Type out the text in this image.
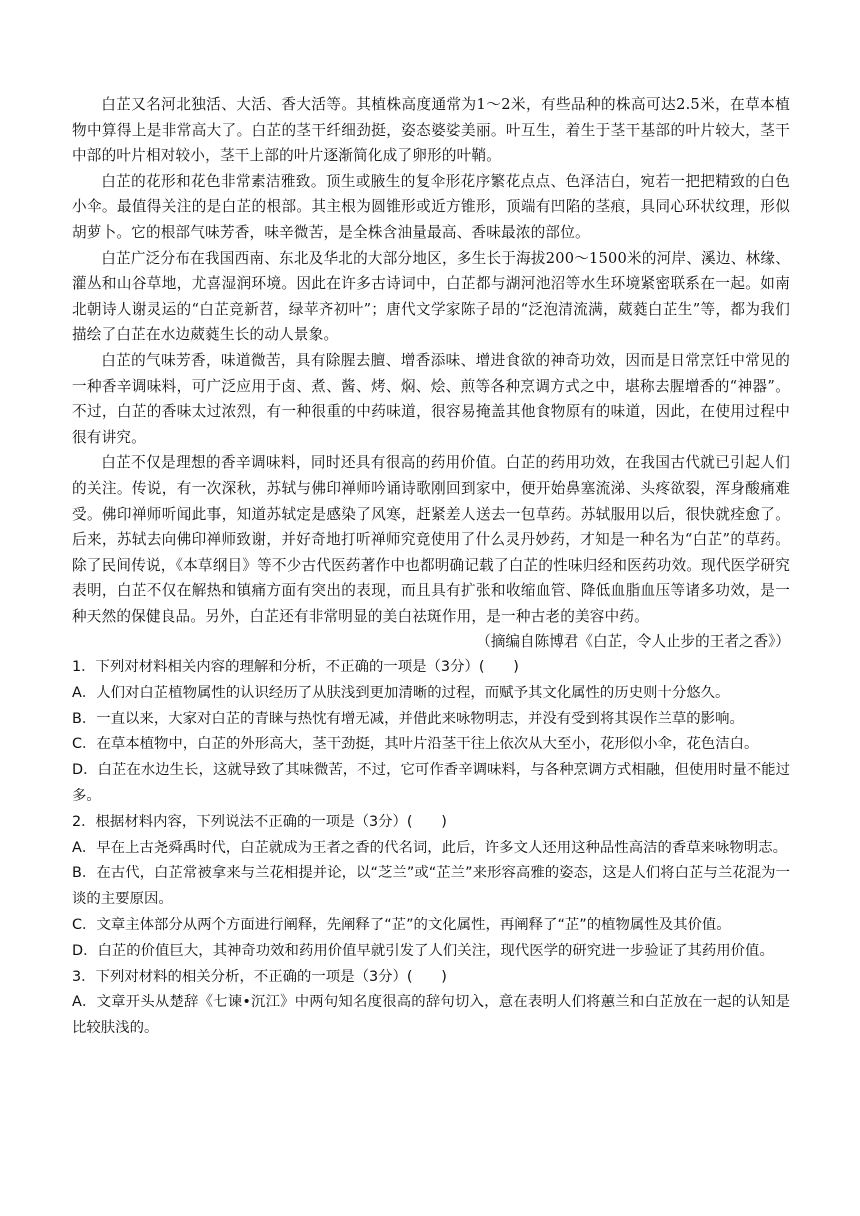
白芷又名河北独活、大活、香大活等。其植株高度通常为1～2米，有些品种的株高可达2.5米，在草本植物中算得上是非常高大了。白芷的茎干纤细劲挺，姿态婆娑美丽。叶互生，着生于茎干基部的叶片较大，茎干中部的叶片相对较小，茎干上部的叶片逐渐简化成了卵形的叶鞘。

白芷的花形和花色非常素洁雅致。顶生或腋生的复伞形花序繁花点点、色泽洁白，宛若一把把精致的白色小伞。最值得关注的是白芷的根部。其主根为圆锥形或近方锥形，顶端有凹陷的茎痕，具同心环状纹理，形似胡萝卜。它的根部气味芳香，味辛微苦，是全株含油量最高、香味最浓的部位。

白芷广泛分布在我国西南、东北及华北的大部分地区，多生长于海拔200～1500米的河岸、溪边、林缘、灌丛和山谷草地，尤喜湿润环境。因此在许多古诗词中，白芷都与湖河池沼等水生环境紧密联系在一起。如南北朝诗人谢灵运的“白芷竞新苕，绿苹齐初叶”；唐代文学家陈子昂的“泛泡清流满，葳蕤白芷生”等，都为我们描绘了白芷在水边葳蕤生长的动人景象。

白芷的气味芳香，味道微苦，具有除腥去膻、增香添味、增进食欲的神奇功效，因而是日常烹饪中常见的一种香辛调味料，可广泛应用于卤、煮、酱、烤、焖、烩、煎等各种烹调方式之中，堪称去腥增香的“神器”。不过，白芷的香味太过浓烈，有一种很重的中药味道，很容易掩盖其他食物原有的味道，因此，在使用过程中很有讲究。

白芷不仅是理想的香辛调味料，同时还具有很高的药用价值。白芷的药用功效，在我国古代就已引起人们的关注。传说，有一次深秋，苏轼与佛印禅师吟诵诗歌刚回到家中，便开始鼻塞流涕、头疼欲裂，浑身酸痛难受。佛印禅师听闻此事，知道苏轼定是感染了风寒，赶紧差人送去一包草药。苏轼服用以后，很快就痊愈了。后来，苏轼去向佛印禅师致谢，并好奇地打听禅师究竟使用了什么灵丹妙药，才知是一种名为“白芷”的草药。除了民间传说，《本草纲目》等不少古代医药著作中也都明确记载了白芷的性味归经和医药功效。现代医学研究表明，白芷不仅在解热和镇痛方面有突出的表现，而且具有扩张和收缩血管、降低血脂血压等诸多功效，是一种天然的保健良品。另外，白芷还有非常明显的美白祛斑作用，是一种古老的美容中药。

（摘编自陈博君《白芷，令人止步的王者之香》）

1．下列对材料相关内容的理解和分析，不正确的一项是（3分）(　　)

A．人们对白芷植物属性的认识经历了从肤浅到更加清晰的过程，而赋予其文化属性的历史则十分悠久。

B．一直以来，大家对白芷的青睐与热忱有增无减，并借此来咏物明志，并没有受到将其误作兰草的影响。

C．在草本植物中，白芷的外形高大，茎干劲挺，其叶片沿茎干往上依次从大至小，花形似小伞，花色洁白。

D．白芷在水边生长，这就导致了其味微苦，不过，它可作香辛调味料，与各种烹调方式相融，但使用时量不能过多。

2．根据材料内容，下列说法不正确的一项是（3分）(　　)

A．早在上古尧舜禹时代，白芷就成为王者之香的代名词，此后，许多文人还用这种品性高洁的香草来咏物明志。

B．在古代，白芷常被拿来与兰花相提并论，以“芝兰”或“芷兰”来形容高雅的姿态，这是人们将白芷与兰花混为一谈的主要原因。

C．文章主体部分从两个方面进行阐释，先阐释了“芷”的文化属性，再阐释了“芷”的植物属性及其价值。

D．白芷的价值巨大，其神奇功效和药用价值早就引发了人们关注，现代医学的研究进一步验证了其药用价值。

3．下列对材料的相关分析，不正确的一项是（3分）(　　)

A．文章开头从楚辞《七谏•沉江》中两句知名度很高的辞句切入，意在表明人们将蕙兰和白芷放在一起的认知是比较肤浅的。
